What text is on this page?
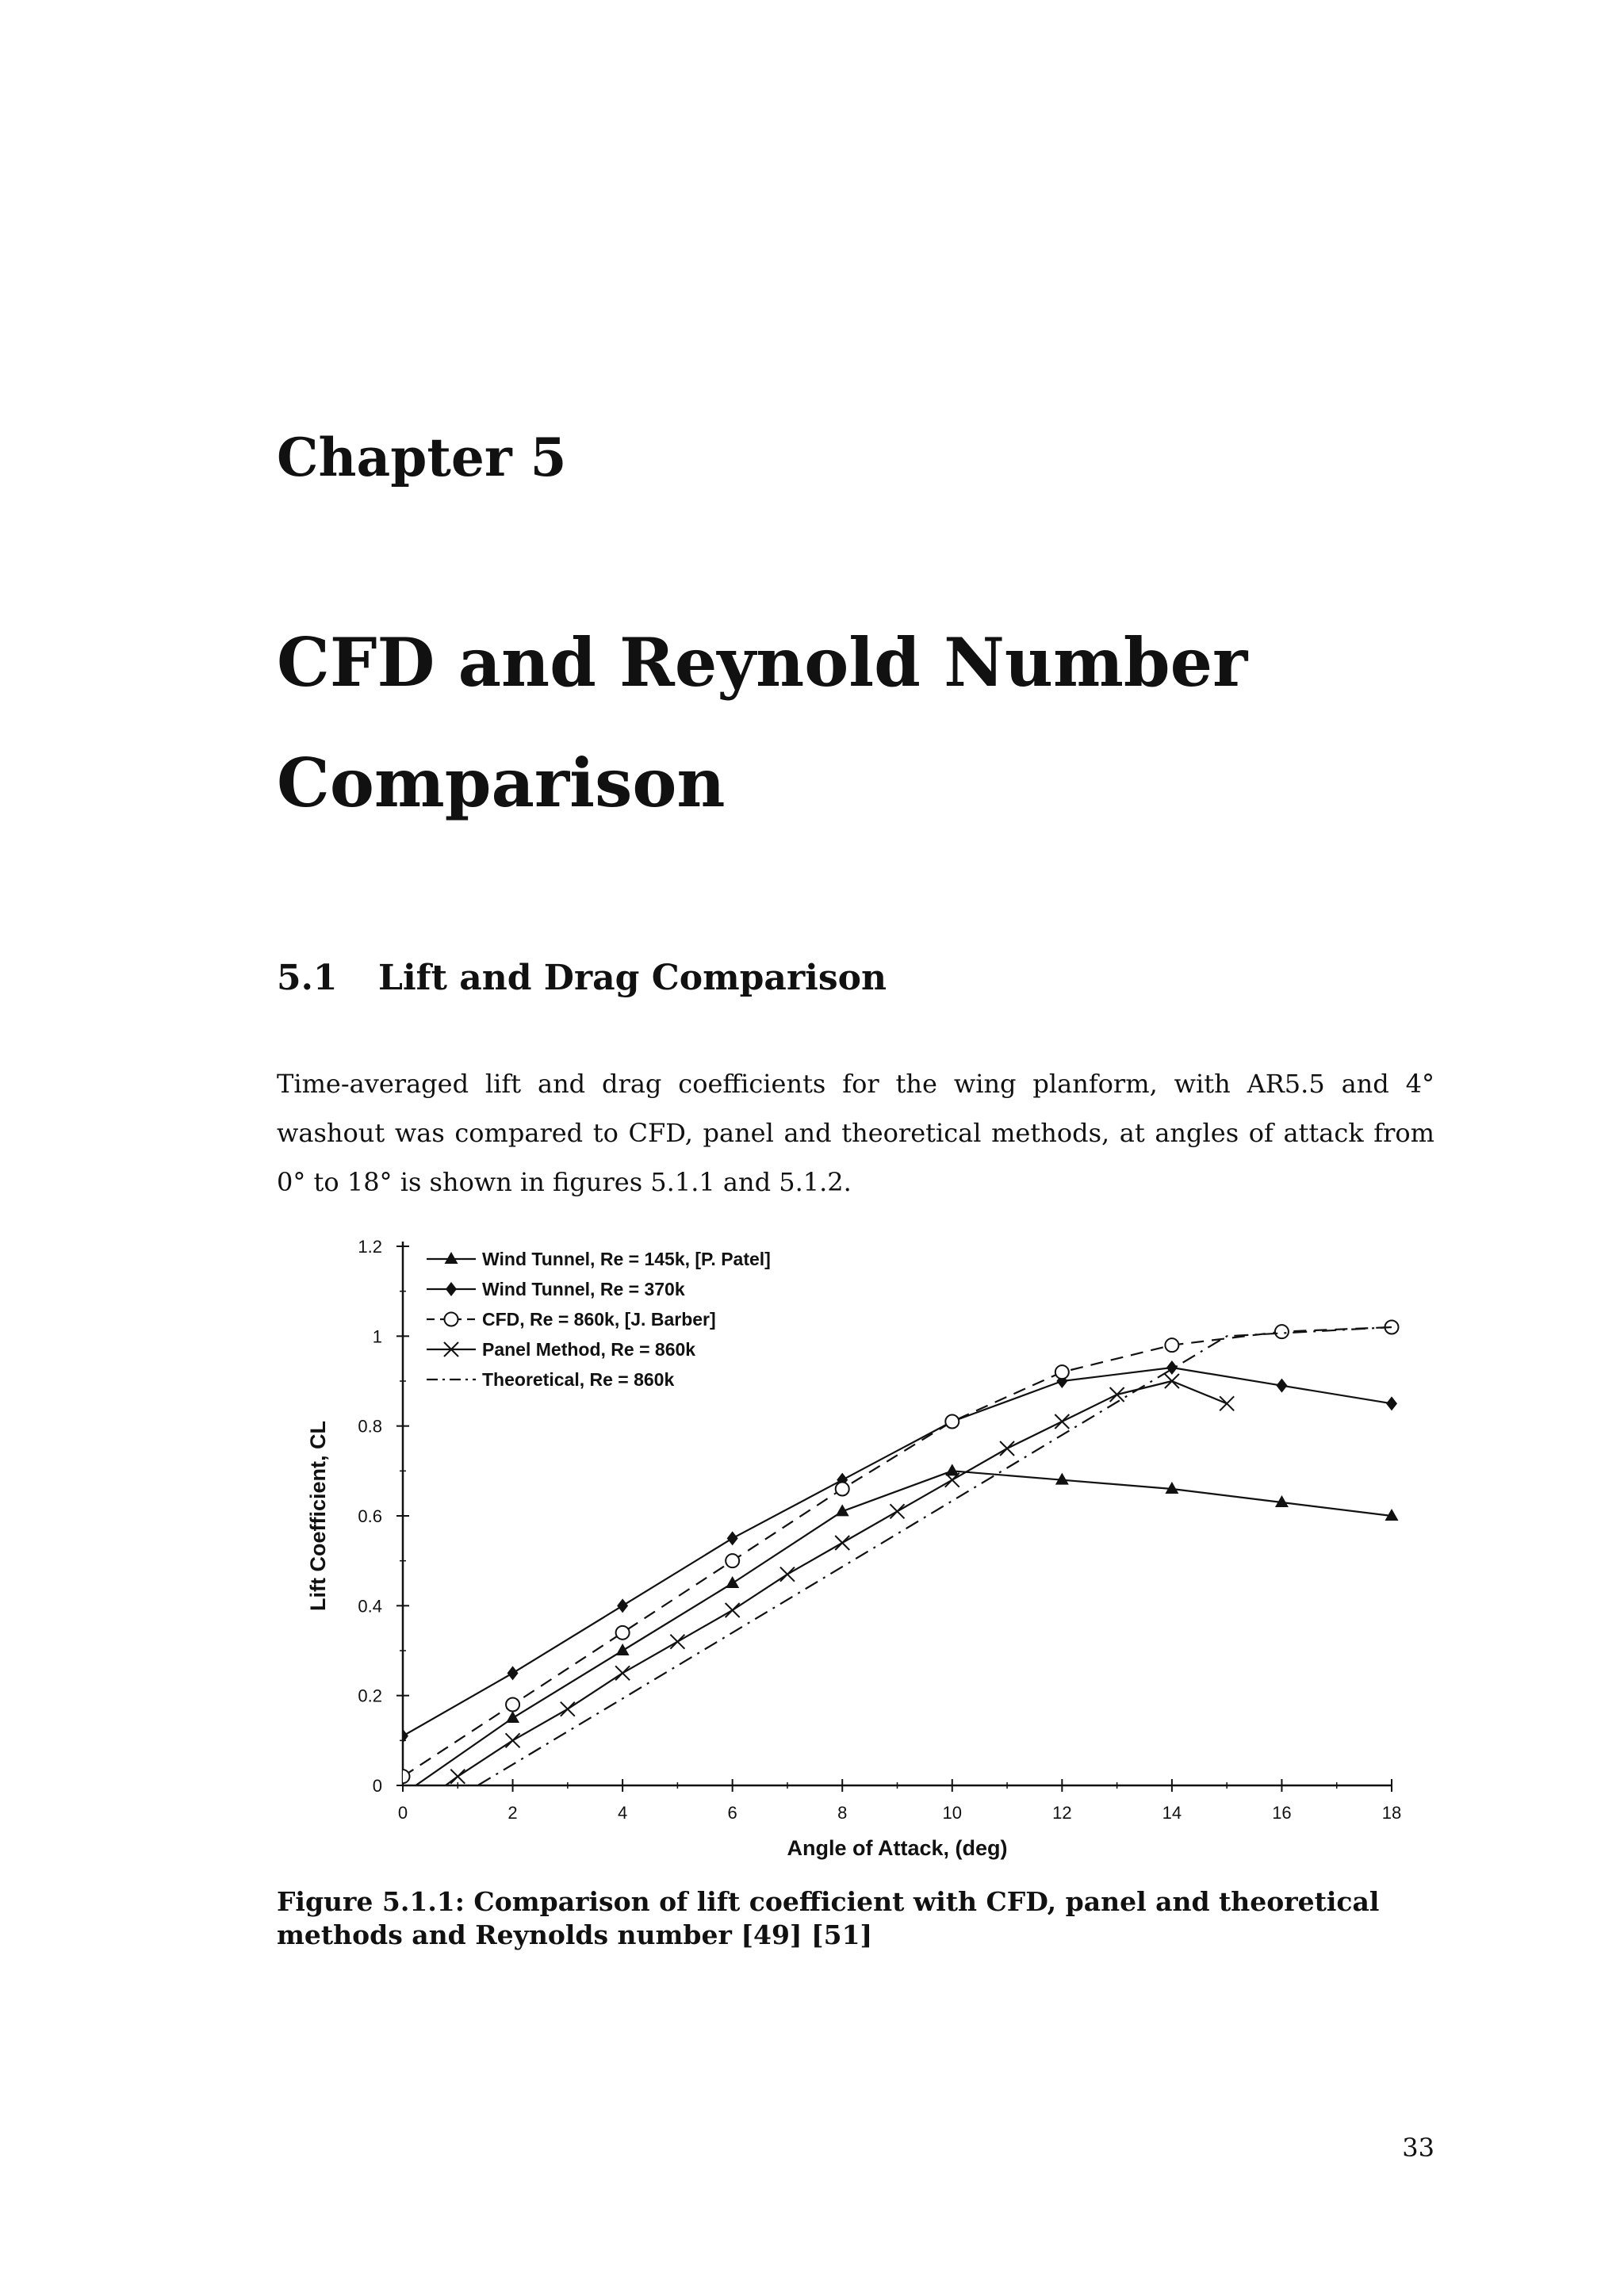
Chapter 5
CFD and Reynold Number Comparison
5.1 Lift and Drag Comparison

Time-averaged lift and drag coefficients for the wing planform, with AR5.5 and 4° washout was compared to CFD, panel and theoretical methods, at angles of attack from 0° to 18° is shown in figures 5.1.1 and 5.1.2.

0
0.2
0.4
0.6
0.8
1
1.2
0	2	4	6	8	10	12	14	16	18
Angle of Attack, (deg)
Lift Coefficient, CL
Wind Tunnel, Re = 145k, [P. Patel]
Wind Tunnel, Re = 370k
CFD, Re = 860k, [J. Barber]
Panel Method, Re = 860k
Theoretical, Re = 860k

Figure 5.1.1: Comparison of lift coefficient with CFD, panel and theoretical methods and Reynolds number [49] [51]

33
